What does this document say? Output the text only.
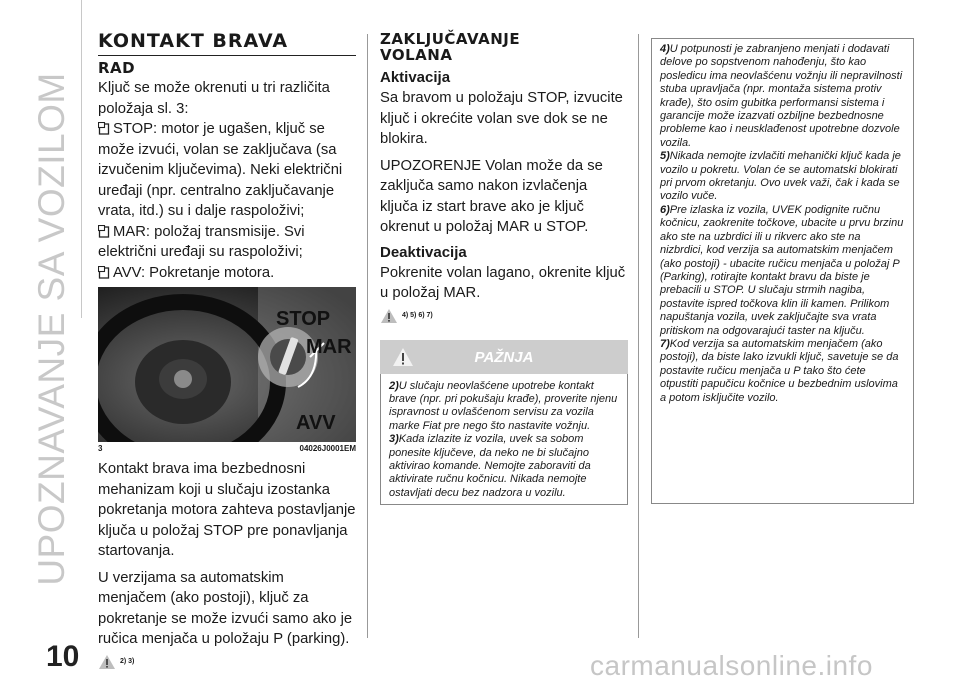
UPOZNAVANJE SA VOZILOM
KONTAKT BRAVA
RAD

Ključ se može okrenuti u tri različita položaja sl. 3:

STOP: motor je ugašen, ključ se može izvući, volan se zaključava (sa izvučenim ključevima). Neki električni uređaji (npr. centralno zaključavanje vrata, itd.) su i dalje raspoloživi;

MAR: položaj transmisije. Svi električni uređaji su raspoloživi;

AVV: Pokretanje motora.

STOP
MAR
AVV
3	04026J0001EM

Kontakt brava ima bezbednosni mehanizam koji u slučaju izostanka pokretanja motora zahteva postavljanje ključa u položaj STOP pre ponavljanja startovanja.

U verzijama sa automatskim menjačem (ako postoji), ključ za pokretanje se može izvući samo ako je ručica menjača u položaju P (parking).

2) 3)
ZAKLJUČAVANJE
VOLANA
Aktivacija

Sa bravom u položaju STOP, izvucite ključ i okrećite volan sve dok se ne blokira.

UPOZORENJE Volan može da se zaključa samo nakon izvlačenja ključa iz start brave ako je ključ okrenut u položaj MAR u STOP.

Deaktivacija

Pokrenite volan lagano, okrenite ključ u položaj MAR.

4) 5) 6) 7)
PAŽNJA

2)U slučaju neovlašćene upotrebe kontakt brave (npr. pri pokušaju krađe), proverite njenu ispravnost u ovlašćenom servisu za vozila marke Fiat pre nego što nastavite vožnju.

3)Kada izlazite iz vozila, uvek sa sobom ponesite ključeve, da neko ne bi slučajno aktivirao komande. Nemojte zaboraviti da aktivirate ručnu kočnicu. Nikada nemojte ostavljati decu bez nadzora u vozilu.

4)U potpunosti je zabranjeno menjati i dodavati delove po sopstvenom nahođenju, što kao posledicu ima neovlašćenu vožnju ili nepravilnosti stuba upravljača (npr. montaža sistema protiv krađe), što osim gubitka performansi sistema i garancije može izazvati ozbiljne bezbednosne probleme kao i neusklađenost upotrebne dozvole vozila.

5)Nikada nemojte izvlačiti mehanički ključ kada je vozilo u pokretu. Volan će se automatski blokirati pri prvom okretanju. Ovo uvek važi, čak i kada se vozilo vuče.

6)Pre izlaska iz vozila, UVEK podignite ručnu kočnicu, zaokrenite točkove, ubacite u prvu brzinu ako ste na uzbrdici ili u rikverc ako ste na nizbrdici, kod verzija sa automatskim menjačem (ako postoji) - ubacite ručicu menjača u položaj P (Parking), rotirajte kontakt bravu da biste je prebacili u STOP. U slučaju strmih nagiba, postavite ispred točkova klin ili kamen. Prilikom napuštanja vozila, uvek zaključajte sva vrata pritiskom na odgovarajući taster na ključu.

7)Kod verzija sa automatskim menjačem (ako postoji), da biste lako izvukli ključ, savetuje se da postavite ručicu menjača u P tako što ćete otpustiti papučicu kočnice u bezbednim uslovima a potom isključite vozilo.

10	carmanualsonline.info
